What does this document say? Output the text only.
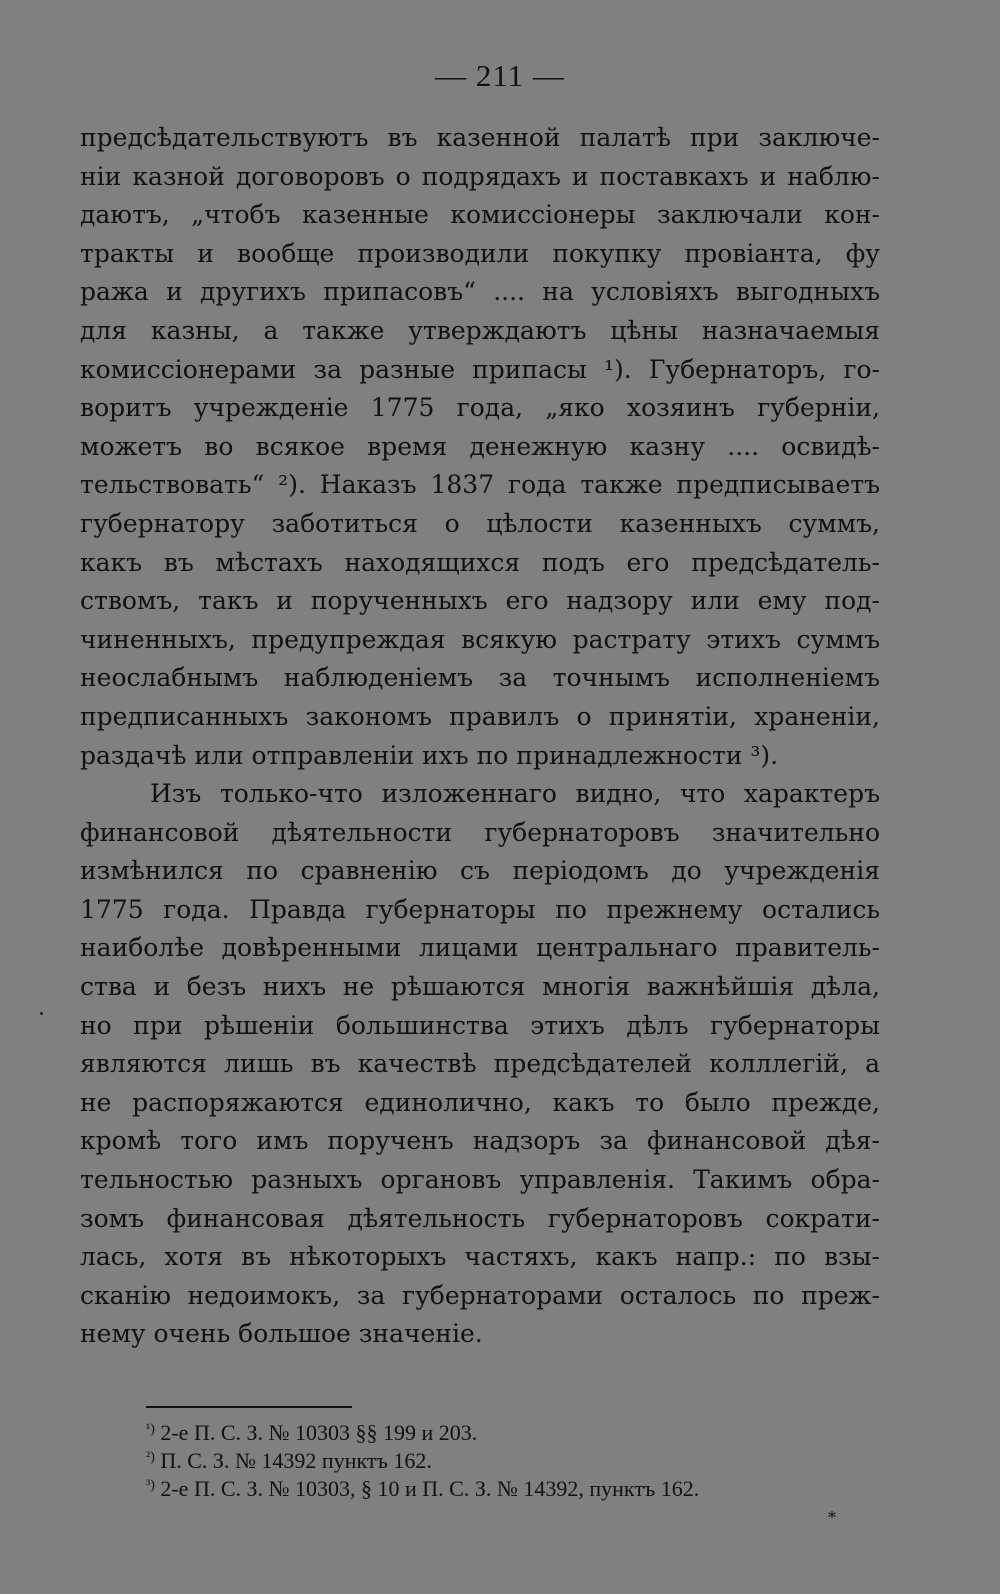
— 211 —
предсѣдательствуютъ въ казенной палатѣ при заключе-
ніи казной договоровъ о подрядахъ и поставкахъ и наблю-
даютъ, „чтобъ казенные комиссіонеры заключали кон-
тракты и вообще производили покупку провіанта, фу
ража и другихъ припасовъ“ .... на условіяхъ выгодныхъ
для казны, а также утверждаютъ цѣны назначаемыя
комиссіонерами за разные припасы ¹). Губернаторъ, го-
воритъ учрежденіе 1775 года, „яко хозяинъ губерніи,
можетъ во всякое время денежную казну .... освидѣ-
тельствовать“ ²). Наказъ 1837 года также предписываетъ
губернатору заботиться о цѣлости казенныхъ суммъ,
какъ въ мѣстахъ находящихся подъ его предсѣдатель-
ствомъ, такъ и порученныхъ его надзору или ему под-
чиненныхъ, предупреждая всякую растрату этихъ суммъ
неослабнымъ наблюденіемъ за точнымъ исполненіемъ
предписанныхъ закономъ правилъ о принятіи, храненіи,
раздачѣ или отправленіи ихъ по принадлежности ³).
Изъ только-что изложеннаго видно, что характеръ
финансовой дѣятельности губернаторовъ значительно
измѣнился по сравненію съ періодомъ до учрежденія
1775 года. Правда губернаторы по прежнему остались
наиболѣе довѣренными лицами центральнаго правитель-
ства и безъ нихъ не рѣшаются многія важнѣйшія дѣла,
но при рѣшеніи большинства этихъ дѣлъ губернаторы
являются лишь въ качествѣ предсѣдателей колллегій, а
не распоряжаются единолично, какъ то было прежде,
кромѣ того имъ порученъ надзоръ за финансовой дѣя-
тельностью разныхъ органовъ управленія. Такимъ обра-
зомъ финансовая дѣятельность губернаторовъ сократи-
лась, хотя въ нѣкоторыхъ частяхъ, какъ напр.: по взы-
сканію недоимокъ, за губернаторами осталось по преж-
нему очень большое значеніе.
$^{^1)}$ 2-е П. С. З. № 10303 §§ 199 и 203.
$^{^2)}$ П. С. З. № 14392 пунктъ 162.
$^{^3)}$ 2-е П. С. З. № 10303, § 10 и П. С. З. № 14392, пунктъ 162.
*
